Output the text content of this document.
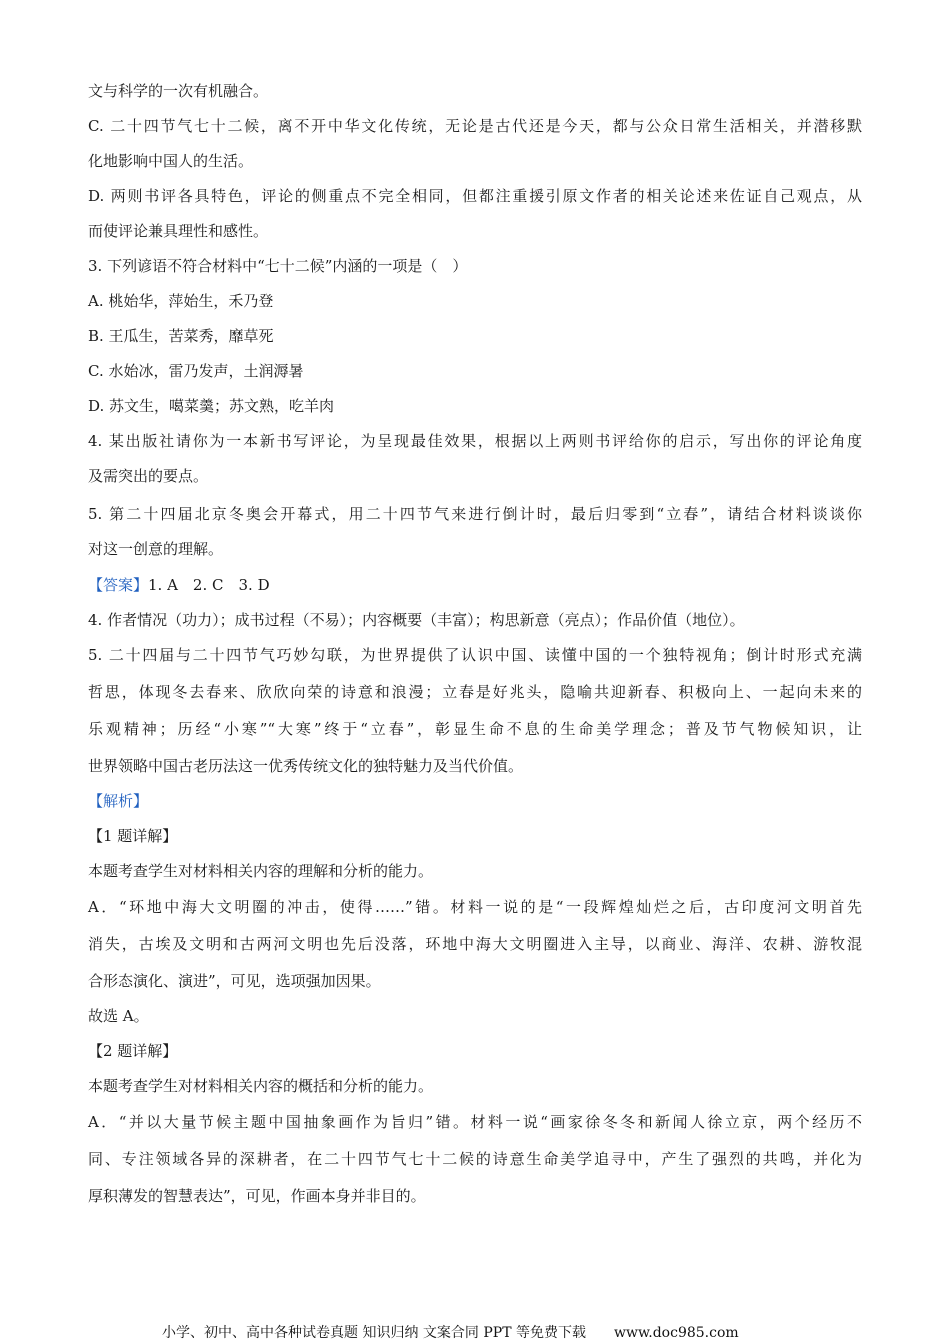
文与科学的一次有机融合。
C. 二十四节气七十二候，离不开中华文化传统，无论是古代还是今天，都与公众日常生活相关，并潜移默
化地影响中国人的生活。
D. 两则书评各具特色，评论的侧重点不完全相同，但都注重援引原文作者的相关论述来佐证自己观点，从
而使评论兼具理性和感性。
3. 下列谚语不符合材料中“七十二候”内涵的一项是（　）
A. 桃始华，萍始生，禾乃登
B. 王瓜生，苦菜秀，靡草死
C. 水始冰，雷乃发声，土润溽暑
D. 苏文生，噶菜羹；苏文熟，吃羊肉
4. 某出版社请你为一本新书写评论，为呈现最佳效果，根据以上两则书评给你的启示，写出你的评论角度
及需突出的要点。
5. 第二十四届北京冬奥会开幕式，用二十四节气来进行倒计时，最后归零到“立春”，请结合材料谈谈你
对这一创意的理解。
【答案】1. A　2. C　3. D
4. 作者情况（功力）；成书过程（不易）；内容概要（丰富）；构思新意（亮点）；作品价值（地位）。
5. 二十四届与二十四节气巧妙勾联，为世界提供了认识中国、读懂中国的一个独特视角；倒计时形式充满
哲思，体现冬去春来、欣欣向荣的诗意和浪漫；立春是好兆头，隐喻共迎新春、积极向上、一起向未来的
乐观精神；历经“小寒”“大寒”终于“立春”，彰显生命不息的生命美学理念；普及节气物候知识，让
世界领略中国古老历法这一优秀传统文化的独特魅力及当代价值。
【解析】
【1 题详解】
本题考查学生对材料相关内容的理解和分析的能力。
A．“环地中海大文明圈的冲击，使得……”错。材料一说的是“一段辉煌灿烂之后，古印度河文明首先
消失，古埃及文明和古两河文明也先后没落，环地中海大文明圈进入主导，以商业、海洋、农耕、游牧混
合形态演化、演进”，可见，选项强加因果。
故选 A。
【2 题详解】
本题考查学生对材料相关内容的概括和分析的能力。
A．“并以大量节候主题中国抽象画作为旨归”错。材料一说“画家徐冬冬和新闻人徐立京，两个经历不
同、专注领域各异的深耕者，在二十四节气七十二候的诗意生命美学追寻中，产生了强烈的共鸣，并化为
厚积薄发的智慧表达”，可见，作画本身并非目的。
小学、初中、高中各种试卷真题 知识归纳 文案合同 PPT 等免费下载　　www.doc985.com
